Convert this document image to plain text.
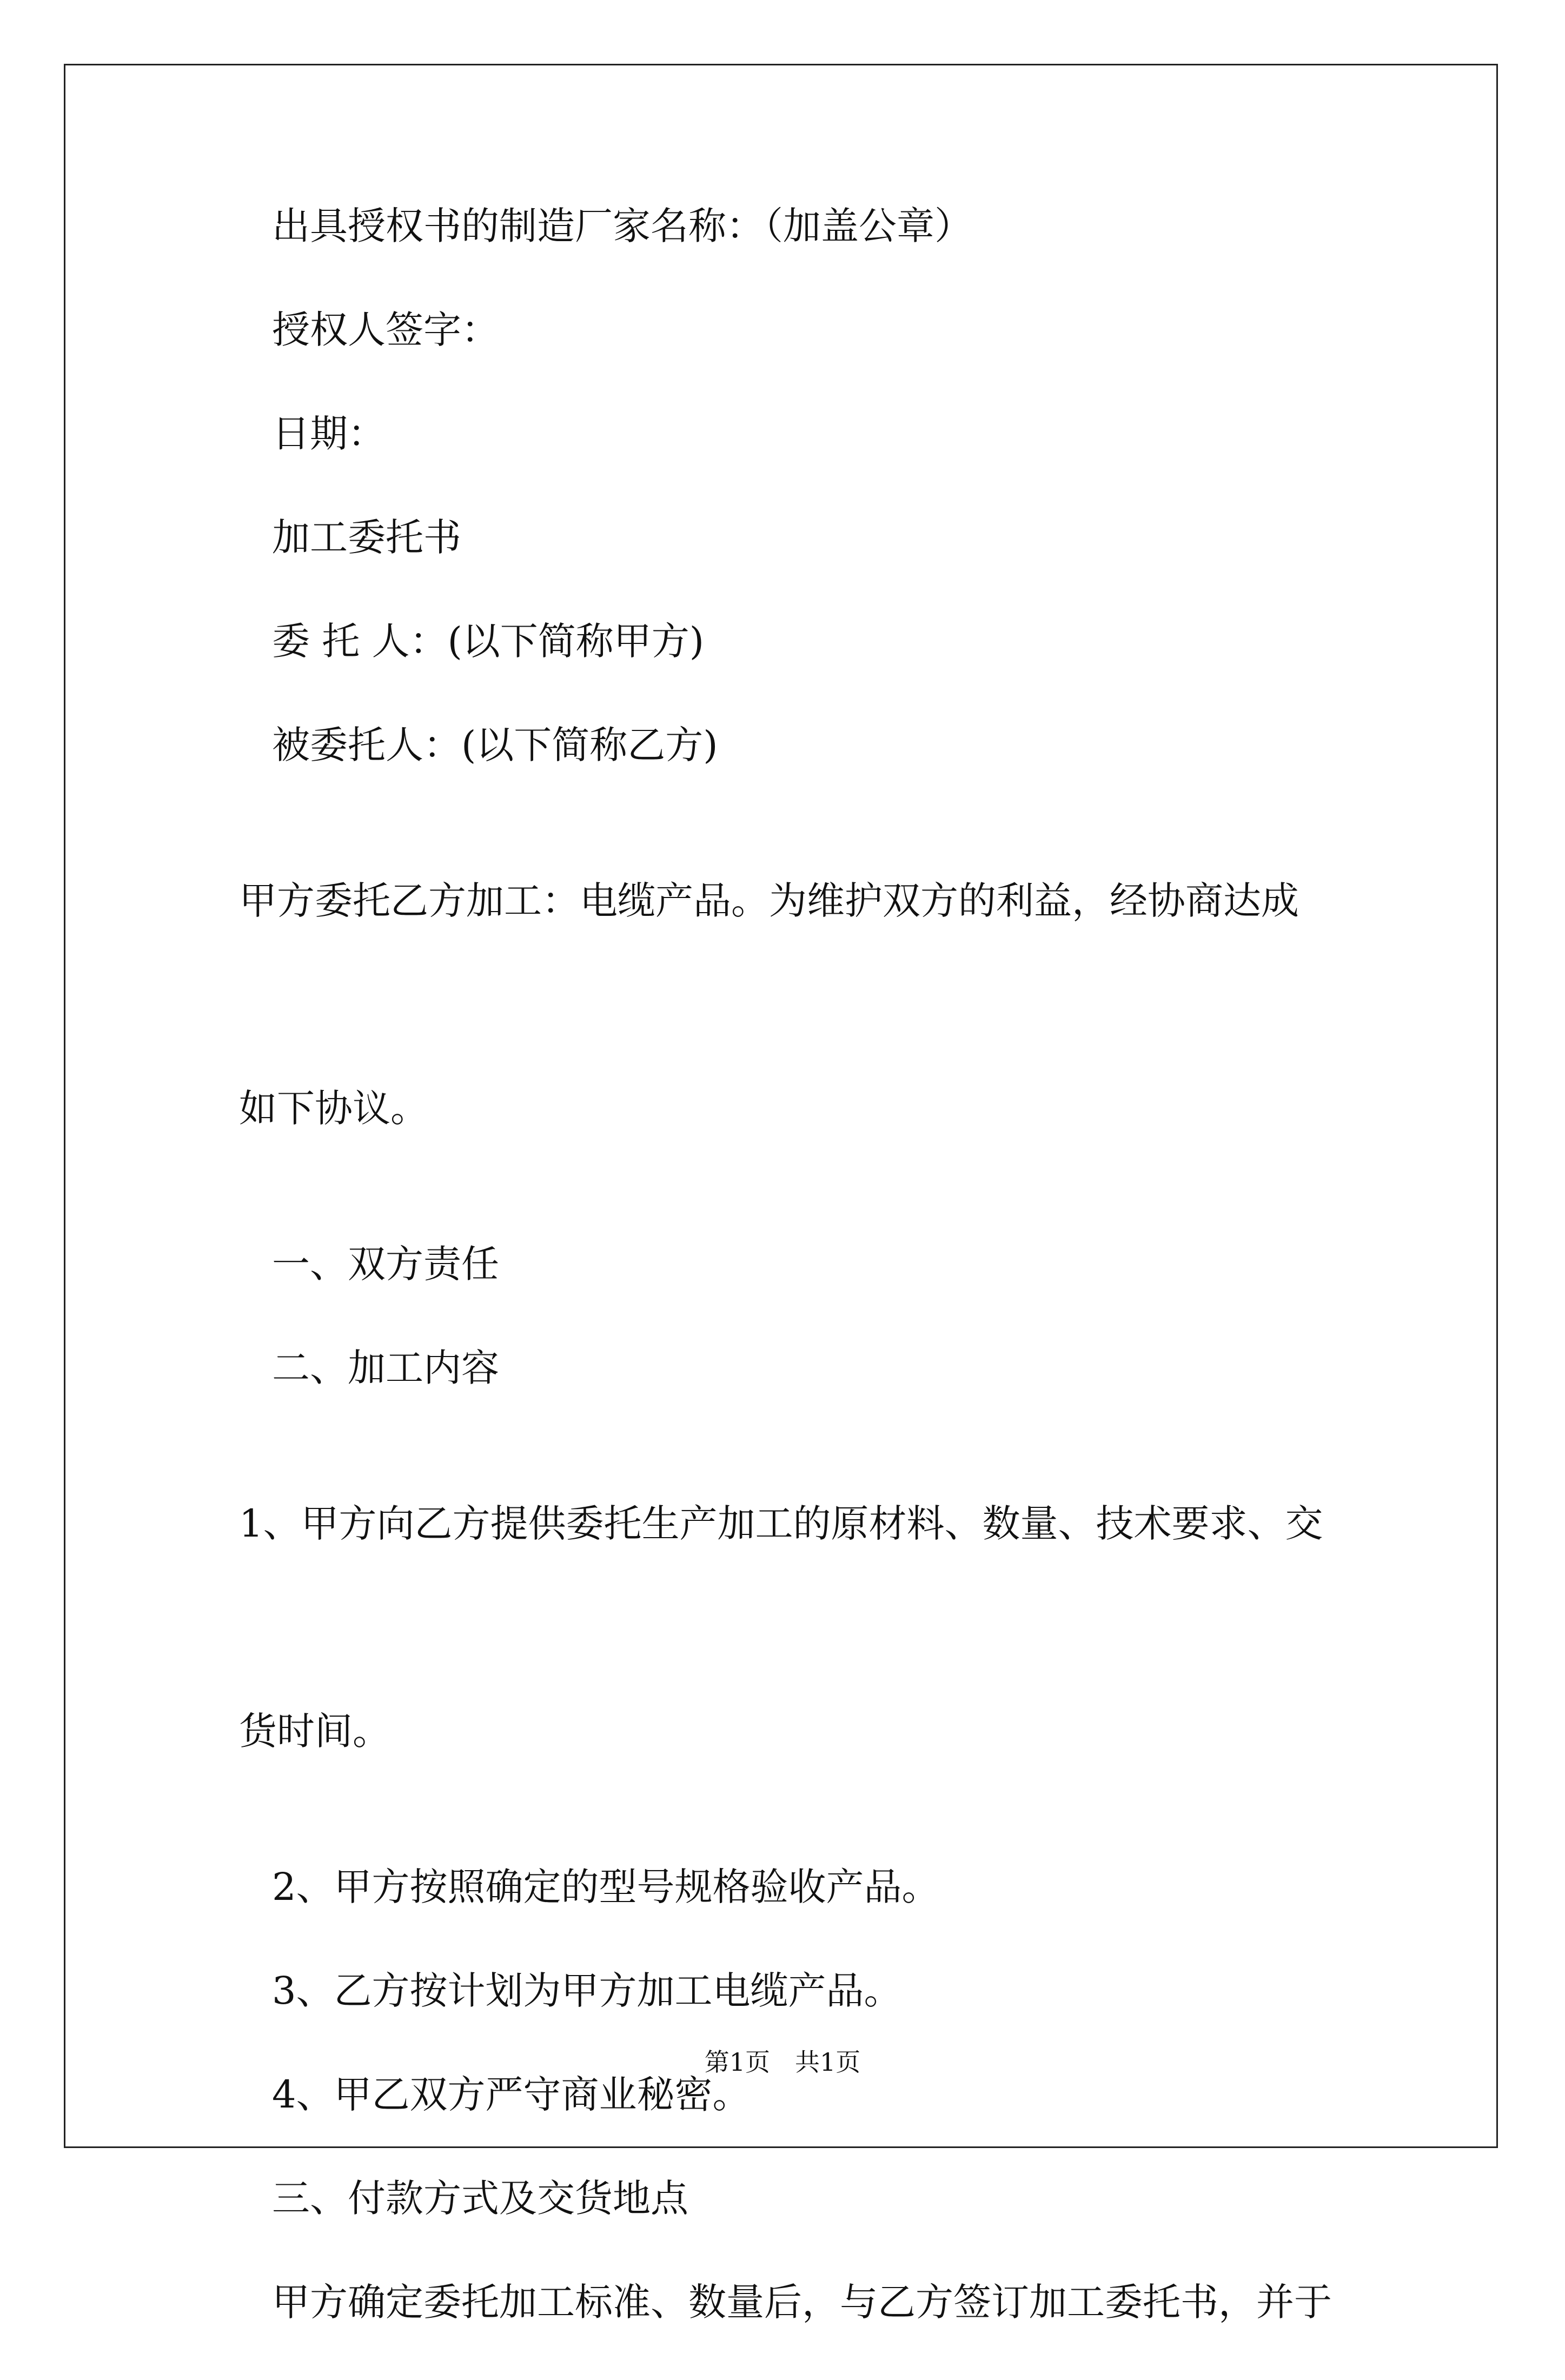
出具授权书的制造厂家名称：（加盖公章）

授权人签字：

日期：

加工委托书

委 托 人：(以下简称甲方)

被委托人：(以下简称乙方)

甲方委托乙方加工：电缆产品。为维护双方的利益，经协商达成

如下协议。

一、双方责任

二、加工内容

1、甲方向乙方提供委托生产加工的原材料、数量、技术要求、交

货时间。

2、甲方按照确定的型号规格验收产品。

3、乙方按计划为甲方加工电缆产品。

4、甲乙双方严守商业秘密。

三、付款方式及交货地点

甲方确定委托加工标准、数量后，与乙方签订加工委托书，并于

第1页　共1页
